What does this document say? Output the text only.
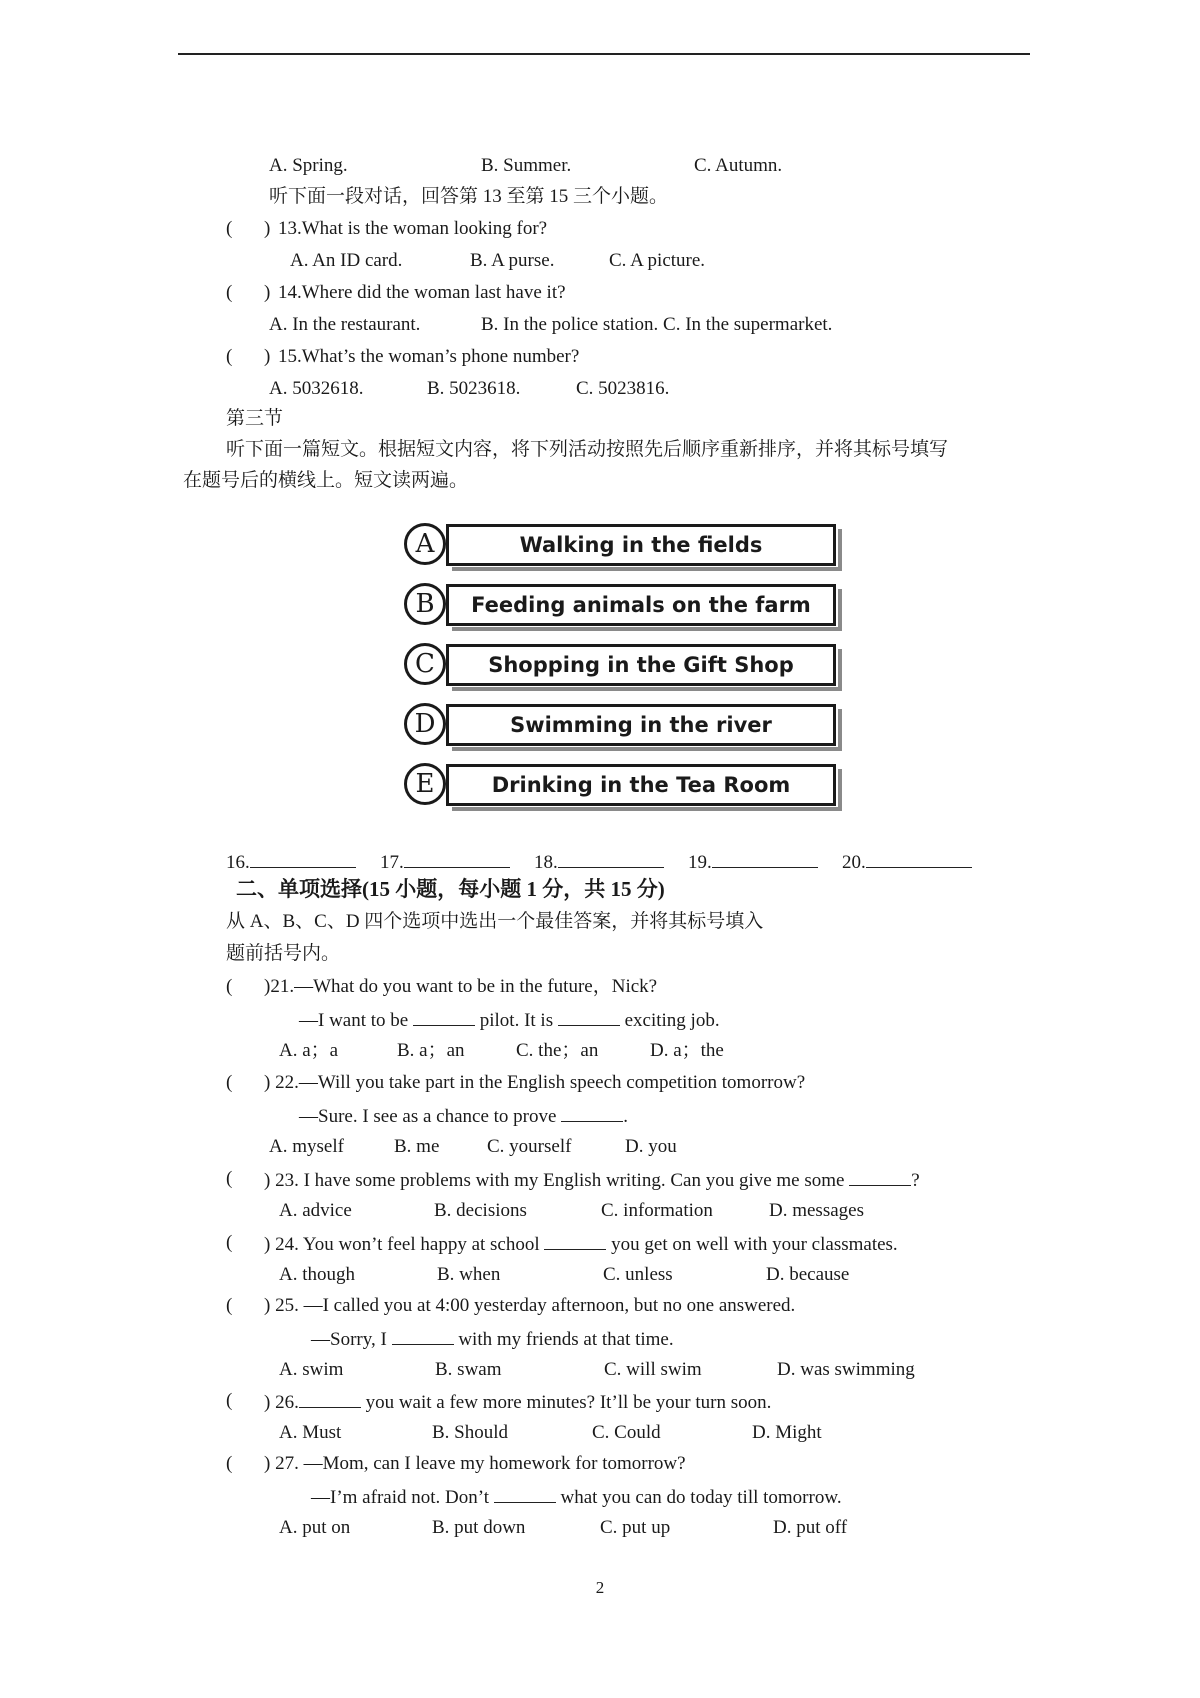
A. Spring.	B. Summer.	C. Autumn.
听下面一段对话，回答第 13 至第 15 三个小题。
( ) 13.What is the woman looking for?
A. An ID card.	B. A purse.	C. A picture.
( ) 14.Where did the woman last have it?
A. In the restaurant.	B. In the police station. C. In the supermarket.
( ) 15.What’s the woman’s phone number?
A. 5032618.	B. 5023618.	C. 5023816.
第三节
听下面一篇短文。根据短文内容，将下列活动按照先后顺序重新排序，并将其标号填写
在题号后的横线上。短文读两遍。
Walking in the fields
A
Feeding animals on the farm
B
Shopping in the Gift Shop
C
Swimming in the river
D
Drinking in the Tea Room
E
16.	17.	18.	19.	20.
二、单项选择(15 小题，每小题 1 分，共 15 分)
从 A、B、C、D 四个选项中选出一个最佳答案，并将其标号填入
题前括号内。
( )21.—What do you want to be in the future，Nick?
—I want to be	pilot. It is	exciting job.
A. a；a	B. a；an	C. the；an	D. a；the
( ) 22.—Will you take part in the English speech competition tomorrow?
—Sure. I see as a chance to prove	.
A. myself	B. me	C. yourself	D. you
( ) 23. I have some problems with my English writing. Can you give me some	?
A. advice	B. decisions	C. information	D. messages
( ) 24. You won’t feel happy at school	you get on well with your classmates.
A. though	B. when	C. unless	D. because
( ) 25. —I called you at 4:00 yesterday afternoon, but no one answered.
—Sorry, I	with my friends at that time.
A. swim	B. swam	C. will swim	D. was swimming
( ) 26.	you wait a few more minutes? It’ll be your turn soon.
A. Must	B. Should	C. Could	D. Might
( ) 27. —Mom, can I leave my homework for tomorrow?
—I’m afraid not. Don’t	what you can do today till tomorrow.
A. put on	B. put down	C. put up	D. put off
2
